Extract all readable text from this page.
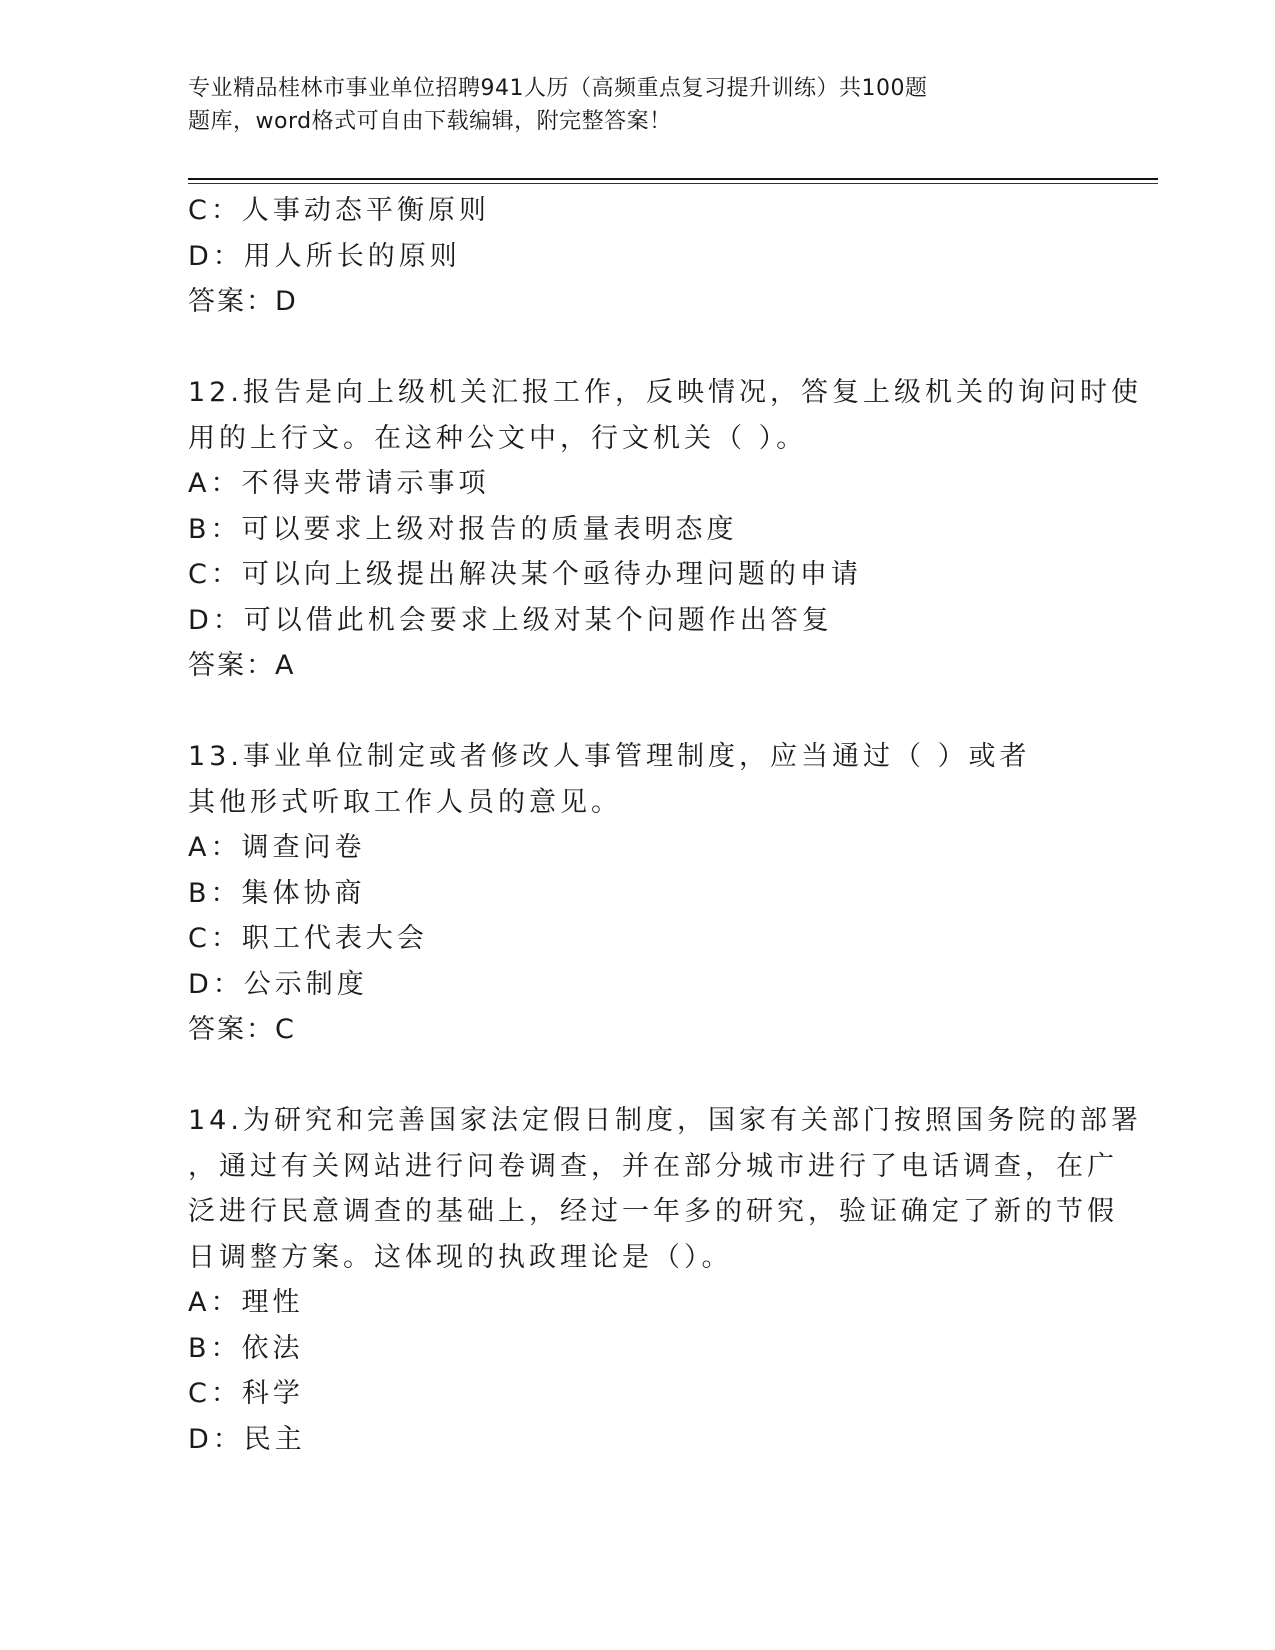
专业精品桂林市事业单位招聘941人历（高频重点复习提升训练）共100题
题库，word格式可自由下载编辑，附完整答案！
C：人事动态平衡原则
D：用人所长的原则
答案：D
12.报告是向上级机关汇报工作，反映情况，答复上级机关的询问时使
用的上行文。在这种公文中，行文机关（ ）。
A：不得夹带请示事项
B：可以要求上级对报告的质量表明态度
C：可以向上级提出解决某个亟待办理问题的申请
D：可以借此机会要求上级对某个问题作出答复
答案：A
13.事业单位制定或者修改人事管理制度，应当通过（ ）或者
其他形式听取工作人员的意见。
A：调查问卷
B：集体协商
C：职工代表大会
D：公示制度
答案：C
14.为研究和完善国家法定假日制度，国家有关部门按照国务院的部署
，通过有关网站进行问卷调查，并在部分城市进行了电话调查，在广
泛进行民意调查的基础上，经过一年多的研究，验证确定了新的节假
日调整方案。这体现的执政理论是（）。
A：理性
B：依法
C：科学
D：民主
